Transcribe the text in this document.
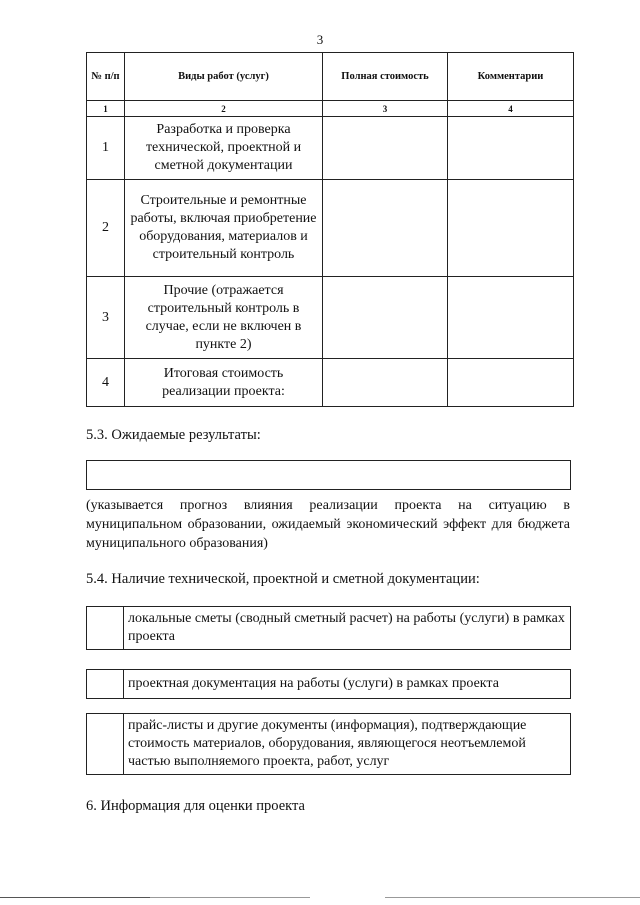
3
№ п/п	Виды работ (услуг)	Полная стоимость	Комментарии
1	2	3	4
1	Разработка и проверка технической, проектной и сметной документации		
2	Строительные и ремонтные работы, включая приобретение оборудования, материалов и строительный контроль		
3	Прочие (отражается строительный контроль в случае, если не включен в пункте 2)		
4	Итоговая стоимость реализации проекта:		
5.3. Ожидаемые результаты:
(указывается прогноз влияния реализации проекта на ситуацию в муниципальном образовании, ожидаемый экономический эффект для бюджета муниципального образования)
5.4. Наличие технической, проектной и сметной документации:
локальные сметы (сводный сметный расчет) на работы (услуги) в рамках проекта
проектная документация на работы (услуги) в рамках проекта
прайс-листы и другие документы (информация), подтверждающие стоимость материалов, оборудования, являющегося неотъемлемой частью выполняемого проекта, работ, услуг
6. Информация для оценки проекта
